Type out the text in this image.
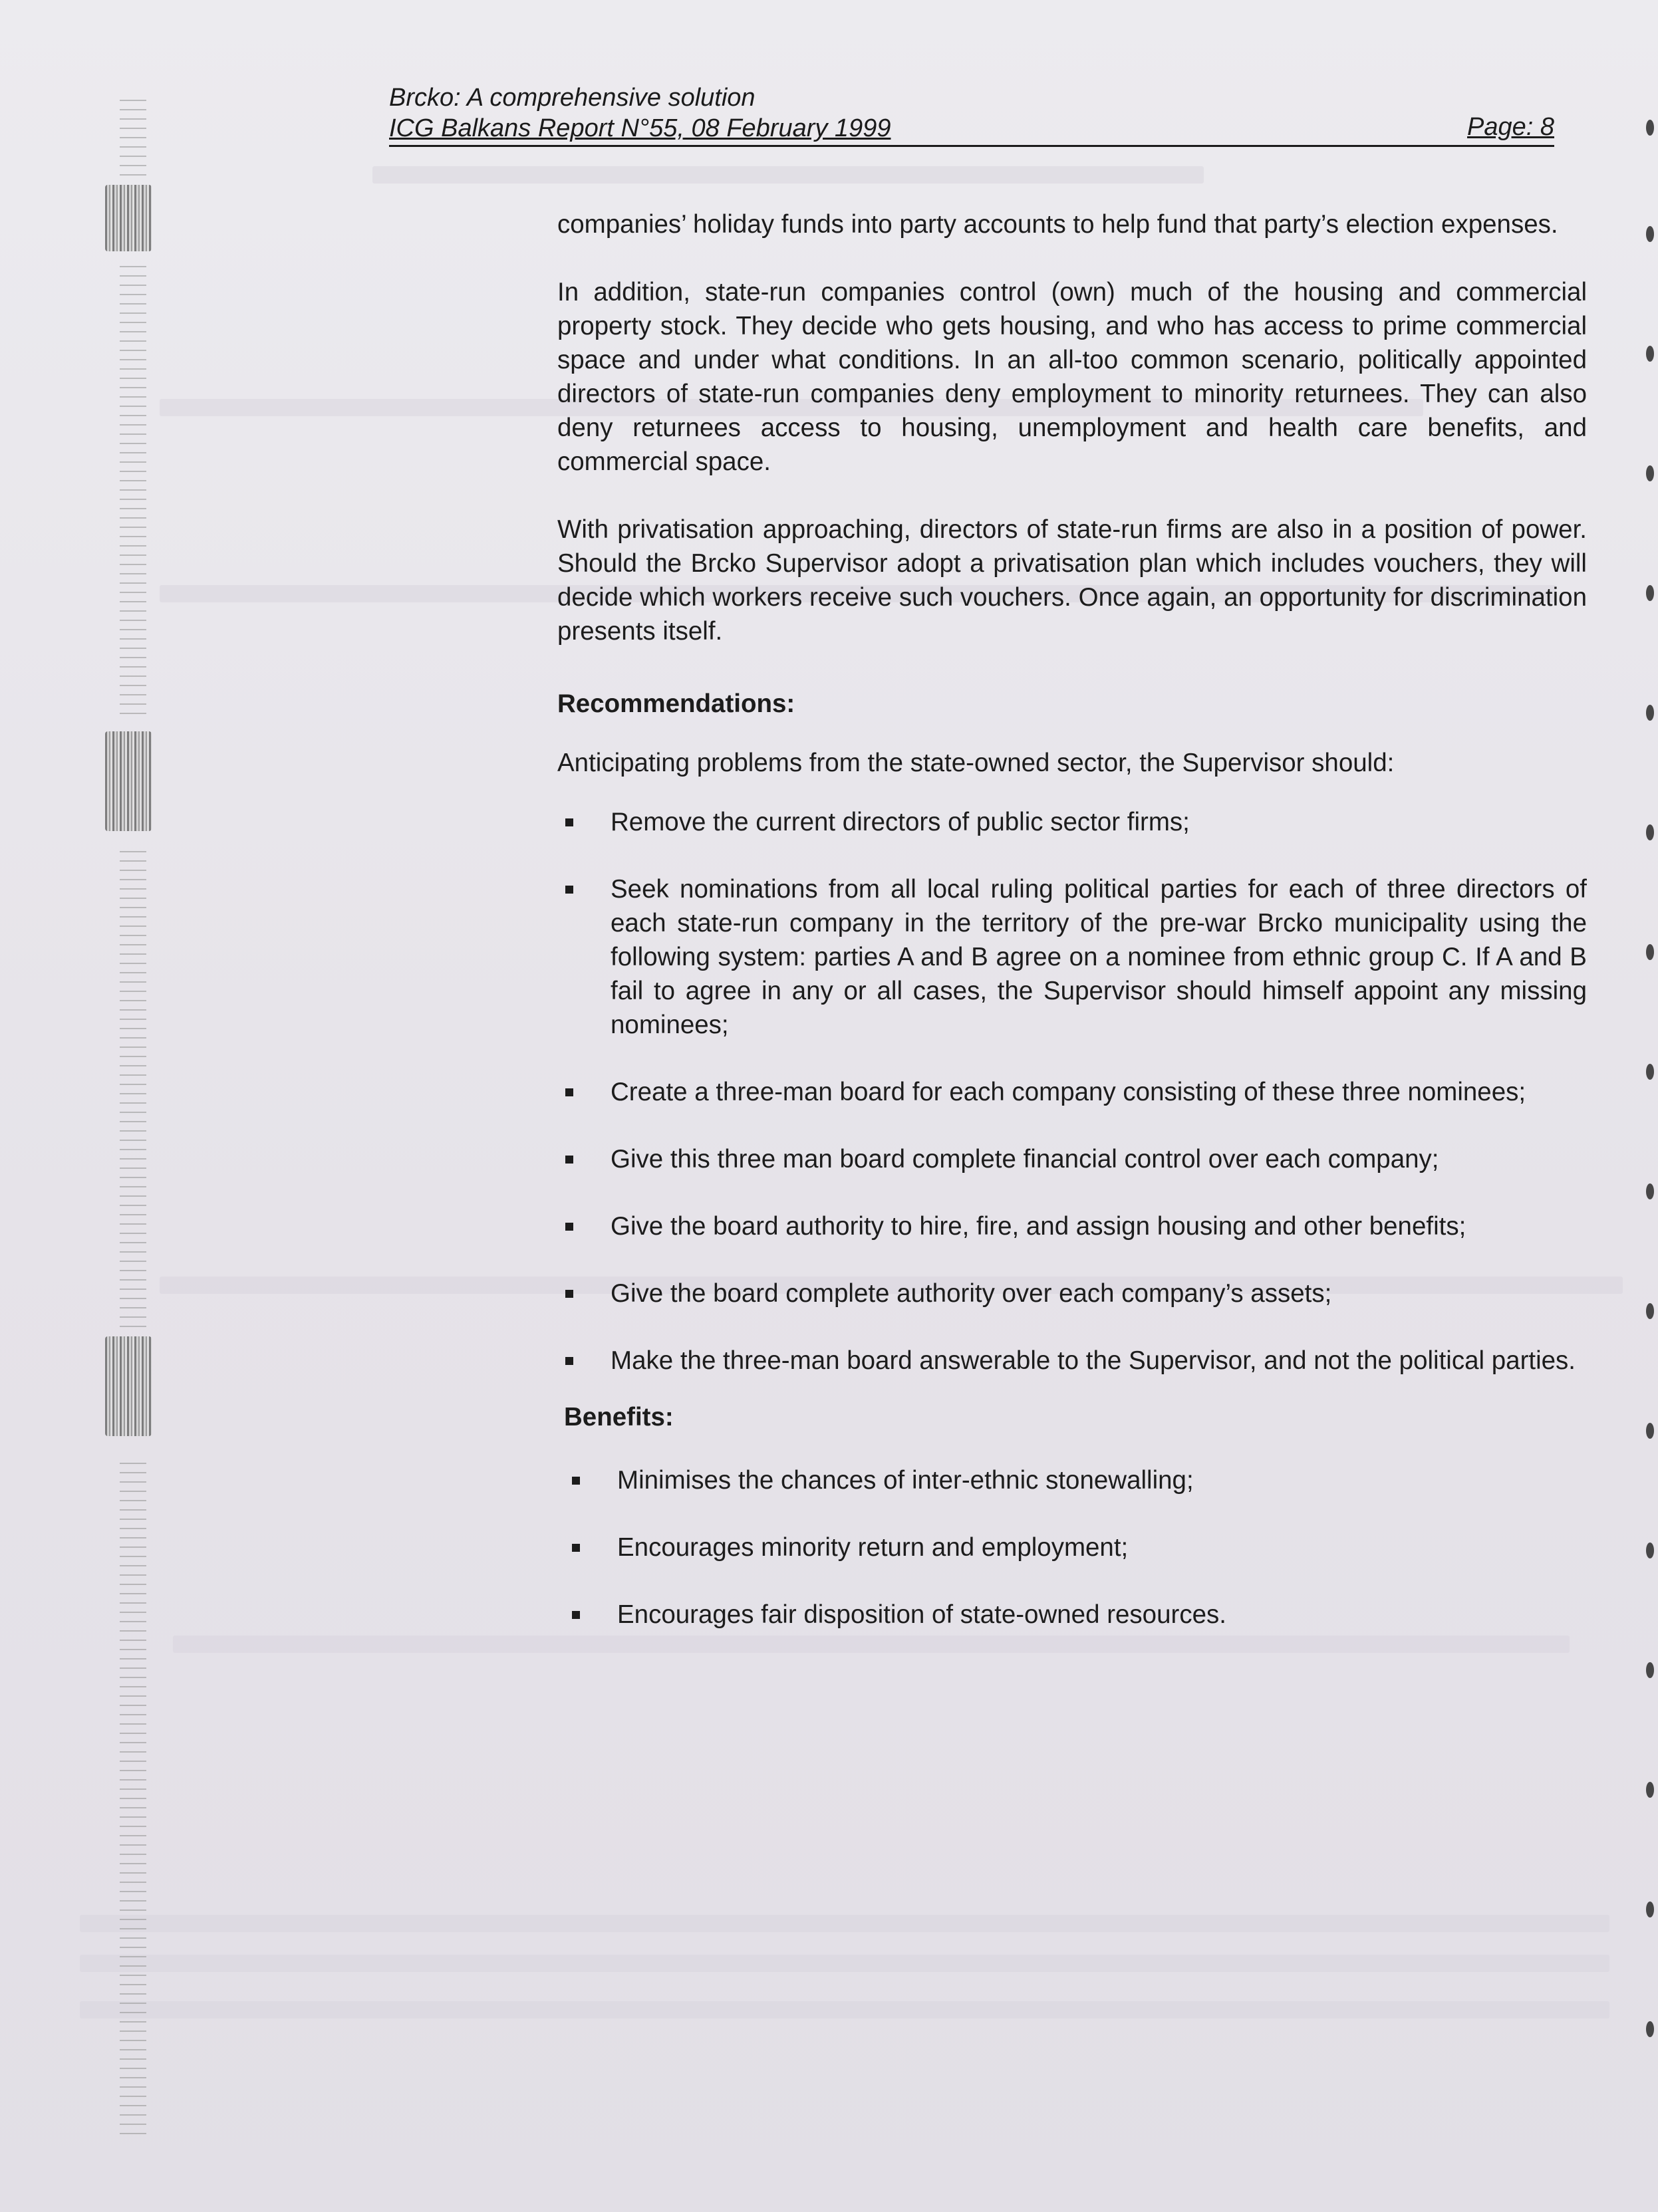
Brcko: A comprehensive solution
ICG Balkans Report N°55, 08 February 1999	Page: 8

companies’ holiday funds into party accounts to help fund that party’s election expenses.

In addition, state-run companies control (own) much of the housing and commercial property stock. They decide who gets housing, and who has access to prime commercial space and under what conditions. In an all-too common scenario, politically appointed directors of state-run companies deny employment to minority returnees. They can also deny returnees access to housing, unemployment and health care benefits, and commercial space.

With privatisation approaching, directors of state-run firms are also in a position of power. Should the Brcko Supervisor adopt a privatisation plan which includes vouchers, they will decide which workers receive such vouchers. Once again, an opportunity for discrimination presents itself.

Recommendations:

Anticipating problems from the state-owned sector, the Supervisor should:

Remove the current directors of public sector firms;
Seek nominations from all local ruling political parties for each of three directors of each state-run company in the territory of the pre-war Brcko municipality using the following system: parties A and B agree on a nominee from ethnic group C. If A and B fail to agree in any or all cases, the Supervisor should himself appoint any missing nominees;
Create a three-man board for each company consisting of these three nominees;
Give this three man board complete financial control over each company;
Give the board authority to hire, fire, and assign housing and other benefits;
Give the board complete authority over each company’s assets;
Make the three-man board answerable to the Supervisor, and not the political parties.
Benefits:
Minimises the chances of inter-ethnic stonewalling;
Encourages minority return and employment;
Encourages fair disposition of state-owned resources.
